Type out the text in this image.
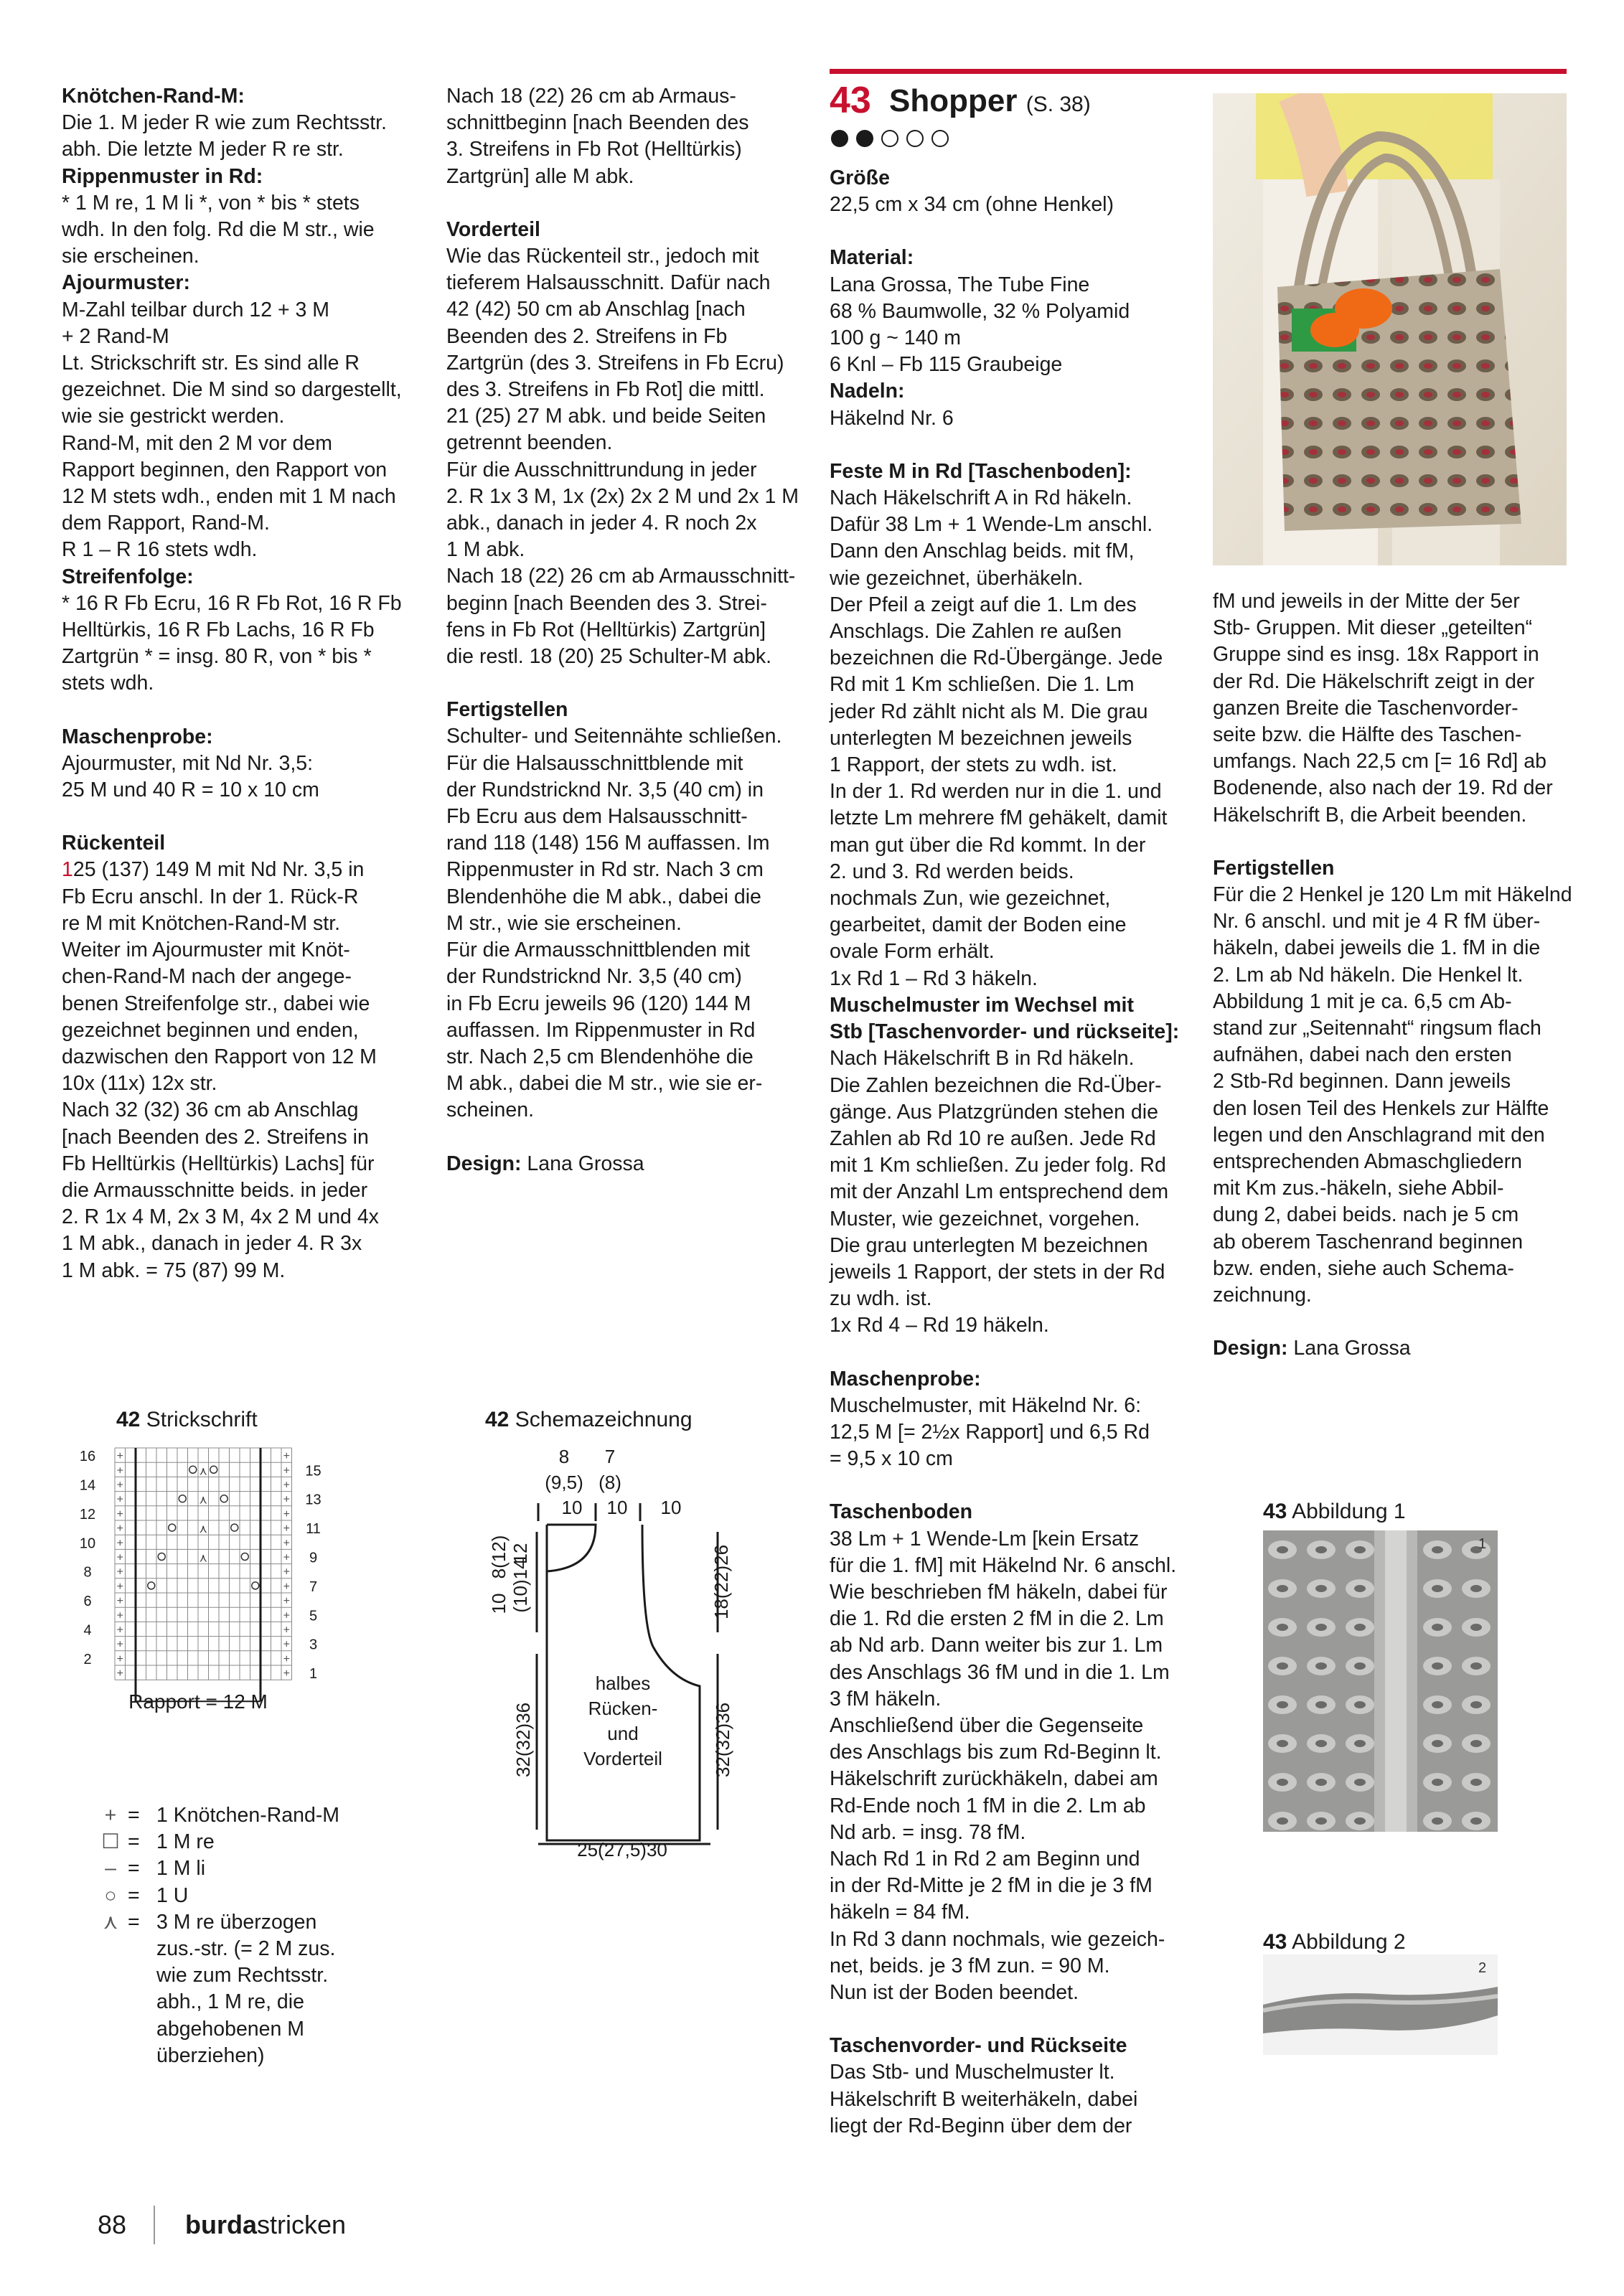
Knötchen-Rand-M:

Die 1. M jeder R wie zum Rechtsstr.
abh. Die letzte M jeder R re str.

Rippenmuster in Rd:

* 1 M re, 1 M li *, von * bis * stets
wdh. In den folg. Rd die M str., wie
sie erscheinen.

Ajourmuster:

M-Zahl teilbar durch 12 + 3 M
+ 2 Rand-M
Lt. Strickschrift str. Es sind alle R
gezeichnet. Die M sind so dargestellt,
wie sie gestrickt werden.
Rand-M, mit den 2 M vor dem
Rapport beginnen, den Rapport von
12 M stets wdh., enden mit 1 M nach
dem Rapport, Rand-M.
R 1 – R 16 stets wdh.

Streifenfolge:

* 16 R Fb Ecru, 16 R Fb Rot, 16 R Fb
Helltürkis, 16 R Fb Lachs, 16 R Fb
Zartgrün * = insg. 80 R, von * bis *
stets wdh.

Maschenprobe:

Ajourmuster, mit Nd Nr. 3,5:
25 M und 40 R = 10 x 10 cm

Rückenteil

125 (137) 149 M mit Nd Nr. 3,5 in
Fb Ecru anschl. In der 1. Rück-R
re M mit Knötchen-Rand-M str.
Weiter im Ajourmuster mit Knöt-
chen-Rand-M nach der angege-
benen Streifenfolge str., dabei wie
gezeichnet beginnen und enden,
dazwischen den Rapport von 12 M
10x (11x) 12x str.
Nach 32 (32) 36 cm ab Anschlag
[nach Beenden des 2. Streifens in
Fb Helltürkis (Helltürkis) Lachs] für
die Armausschnitte beids. in jeder
2. R 1x 4 M, 2x 3 M, 4x 2 M und 4x
1 M abk., danach in jeder 4. R 3x
1 M abk. = 75 (87) 99 M.

Nach 18 (22) 26 cm ab Armaus-
schnittbeginn [nach Beenden des
3. Streifens in Fb Rot (Helltürkis)
Zartgrün] alle M abk.

Vorderteil

Wie das Rückenteil str., jedoch mit
tieferem Halsausschnitt. Dafür nach
42 (42) 50 cm ab Anschlag [nach
Beenden des 2. Streifens in Fb
Zartgrün (des 3. Streifens in Fb Ecru)
des 3. Streifens in Fb Rot] die mittl.
21 (25) 27 M abk. und beide Seiten
getrennt beenden.
Für die Ausschnittrundung in jeder
2. R 1x 3 M, 1x (2x) 2x 2 M und 2x 1 M
abk., danach in jeder 4. R noch 2x
1 M abk.
Nach 18 (22) 26 cm ab Armausschnitt-
beginn [nach Beenden des 3. Strei-
fens in Fb Rot (Helltürkis) Zartgrün]
die restl. 18 (20) 25 Schulter-M abk.

Fertigstellen

Schulter- und Seitennähte schließen.
Für die Halsausschnittblende mit
der Rundstricknd Nr. 3,5 (40 cm) in
Fb Ecru aus dem Halsausschnitt-
rand 118 (148) 156 M auffassen. Im
Rippenmuster in Rd str. Nach 3 cm
Blendenhöhe die M abk., dabei die
M str., wie sie erscheinen.
Für die Armausschnittblenden mit
der Rundstricknd Nr. 3,5 (40 cm)
in Fb Ecru jeweils 96 (120) 144 M
auffassen. Im Rippenmuster in Rd
str. Nach 2,5 cm Blendenhöhe die
M abk., dabei die M str., wie sie er-
scheinen.

Design: Lana Grossa

43 Shopper (S. 38)

Größe

22,5 cm x 34 cm (ohne Henkel)

Material:

Lana Grossa, The Tube Fine
68 % Baumwolle, 32 % Polyamid
100 g ~ 140 m
6 Knl – Fb 115 Graubeige

Nadeln:

Häkelnd Nr. 6

Feste M in Rd [Taschenboden]:

Nach Häkelschrift A in Rd häkeln.
Dafür 38 Lm + 1 Wende-Lm anschl.
Dann den Anschlag beids. mit fM,
wie gezeichnet, überhäkeln.
Der Pfeil a zeigt auf die 1. Lm des
Anschlags. Die Zahlen re außen
bezeichnen die Rd-Übergänge. Jede
Rd mit 1 Km schließen. Die 1. Lm
jeder Rd zählt nicht als M. Die grau
unterlegten M bezeichnen jeweils
1 Rapport, der stets zu wdh. ist.
In der 1. Rd werden nur in die 1. und
letzte Lm mehrere fM gehäkelt, damit
man gut über die Rd kommt. In der
2. und 3. Rd werden beids.
nochmals Zun, wie gezeichnet,
gearbeitet, damit der Boden eine
ovale Form erhält.
1x Rd 1 – Rd 3 häkeln.

Muschelmuster im Wechsel mit
Stb [Taschenvorder- und rückseite]:

Nach Häkelschrift B in Rd häkeln.
Die Zahlen bezeichnen die Rd-Über-
gänge. Aus Platzgründen stehen die
Zahlen ab Rd 10 re außen. Jede Rd
mit 1 Km schließen. Zu jeder folg. Rd
mit der Anzahl Lm entsprechend dem
Muster, wie gezeichnet, vorgehen.
Die grau unterlegten M bezeichnen
jeweils 1 Rapport, der stets in der Rd
zu wdh. ist.
1x Rd 4 – Rd 19 häkeln.

Maschenprobe:

Muschelmuster, mit Häkelnd Nr. 6:
12,5 M [= 2½x Rapport] und 6,5 Rd
= 9,5 x 10 cm

Taschenboden

38 Lm + 1 Wende-Lm [kein Ersatz
für die 1. fM] mit Häkelnd Nr. 6 anschl.
Wie beschrieben fM häkeln, dabei für
die 1. Rd die ersten 2 fM in die 2. Lm
ab Nd arb. Dann weiter bis zur 1. Lm
des Anschlags 36 fM und in die 1. Lm
3 fM häkeln.
Anschließend über die Gegenseite
des Anschlags bis zum Rd-Beginn lt.
Häkelschrift zurückhäkeln, dabei am
Rd-Ende noch 1 fM in die 2. Lm ab
Nd arb. = insg. 78 fM.
Nach Rd 1 in Rd 2 am Beginn und
in der Rd-Mitte je 2 fM in die je 3 fM
häkeln = 84 fM.
In Rd 3 dann nochmals, wie gezeich-
net, beids. je 3 fM zun. = 90 M.
Nun ist der Boden beendet.

Taschenvorder- und Rückseite

Das Stb- und Muschelmuster lt.
Häkelschrift B weiterhäkeln, dabei
liegt der Rd-Beginn über dem der

fM und jeweils in der Mitte der 5er
Stb- Gruppen. Mit dieser „geteilten“
Gruppe sind es insg. 18x Rapport in
der Rd. Die Häkelschrift zeigt in der
ganzen Breite die Taschenvorder-
seite bzw. die Hälfte des Taschen-
umfangs. Nach 22,5 cm [= 16 Rd] ab
Bodenende, also nach der 19. Rd der
Häkelschrift B, die Arbeit beenden.

Fertigstellen

Für die 2 Henkel je 120 Lm mit Häkelnd
Nr. 6 anschl. und mit je 4 R fM über-
häkeln, dabei jeweils die 1. fM in die
2. Lm ab Nd häkeln. Die Henkel lt.
Abbildung 1 mit je ca. 6,5 cm Ab-
stand zur „Seitennaht“ ringsum flach
aufnähen, dabei nach den ersten
2 Stb-Rd beginnen. Dann jeweils
den losen Teil des Henkels zur Hälfte
legen und den Anschlagrand mit den
entsprechenden Abmaschgliedern
mit Km zus.-häkeln, siehe Abbil-
dung 2, dabei beids. nach je 5 cm
ab oberem Taschenrand beginnen
bzw. enden, siehe auch Schema-
zeichnung.

Design: Lana Grossa

42 Strickschrift
+	+
+	+
+	+
+	+
+	+
+	+
+	+
+	+
+	+
+	+
+	+
+	+
+	+
+	+
+	+
+	+
16
14
12
10
8
6
4
2
15
13
11
9
7
5
3
1
⋏
⋏
⋏
⋏
Rapport = 12 M
+ = 1 Knötchen-Rand-M
☐ = 1 M re
– = 1 M li
○ = 1 U
⋏ = 3 M re überzogen
zus.-str. (= 2 M zus.
wie zum Rechtsstr.
abh., 1 M re, die
abgehobenen M
überziehen)
42 Schemazeichnung
8 7
(9,5) (8)
10 10 10
10 (10)14
8(12) 12	18(22)26
32(32)36	32(32)36
halbes
Rücken-
und
Vorderteil
25(27,5)30
43 Abbildung 1
1
43 Abbildung 2
2
88 burdastricken
